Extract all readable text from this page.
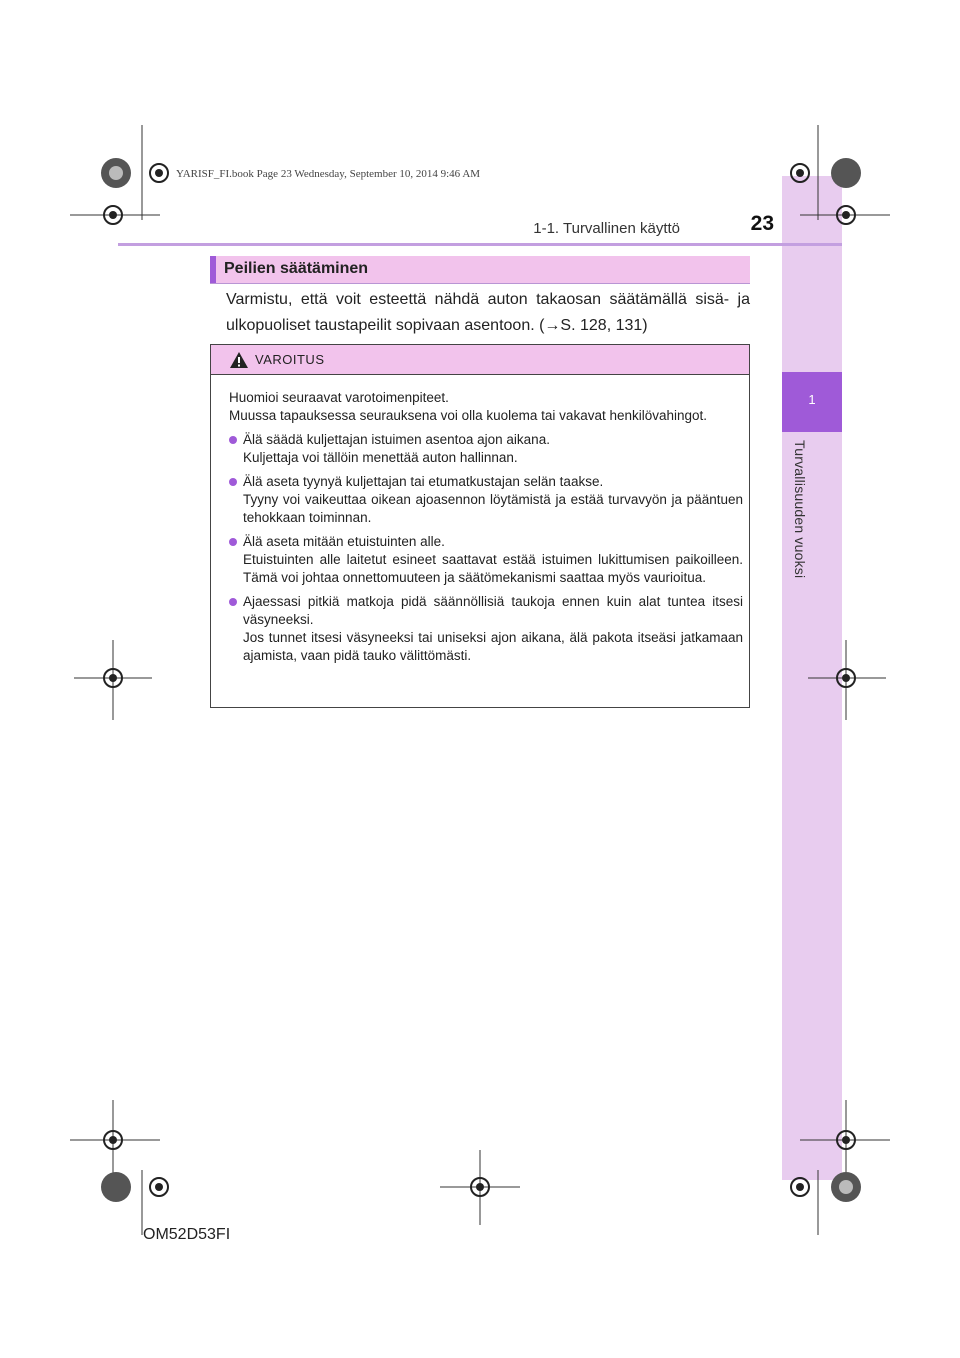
1
Turvallisuuden vuoksi
YARISF_FI.book Page 23 Wednesday, September 10, 2014 9:46 AM
1-1. Turvallinen käyttö	23
Peilien säätäminen
Varmistu, että voit esteettä nähdä auton takaosan säätämällä sisä- ja ulkopuoliset taustapeilit sopivaan asentoon. (→S. 128, 131)
VAROITUS

Huomioi seuraavat varotoimenpiteet.

Muussa tapauksessa seurauksena voi olla kuolema tai vakavat henkilövahingot.

Älä säädä kuljettajan istuimen asentoa ajon aikana.
Kuljettaja voi tällöin menettää auton hallinnan.
Älä aseta tyynyä kuljettajan tai etumatkustajan selän taakse.
Tyyny voi vaikeuttaa oikean ajoasennon löytämistä ja estää turvavyön ja pääntuen tehokkaan toiminnan.
Älä aseta mitään etuistuinten alle.
Etuistuinten alle laitetut esineet saattavat estää istuimen lukittumisen paikoilleen. Tämä voi johtaa onnettomuuteen ja säätömekanismi saattaa myös vaurioitua.
Ajaessasi pitkiä matkoja pidä säännöllisiä taukoja ennen kuin alat tuntea itsesi väsyneeksi.
Jos tunnet itsesi väsyneeksi tai uniseksi ajon aikana, älä pakota itseäsi jatkamaan ajamista, vaan pidä tauko välittömästi.
OM52D53FI
